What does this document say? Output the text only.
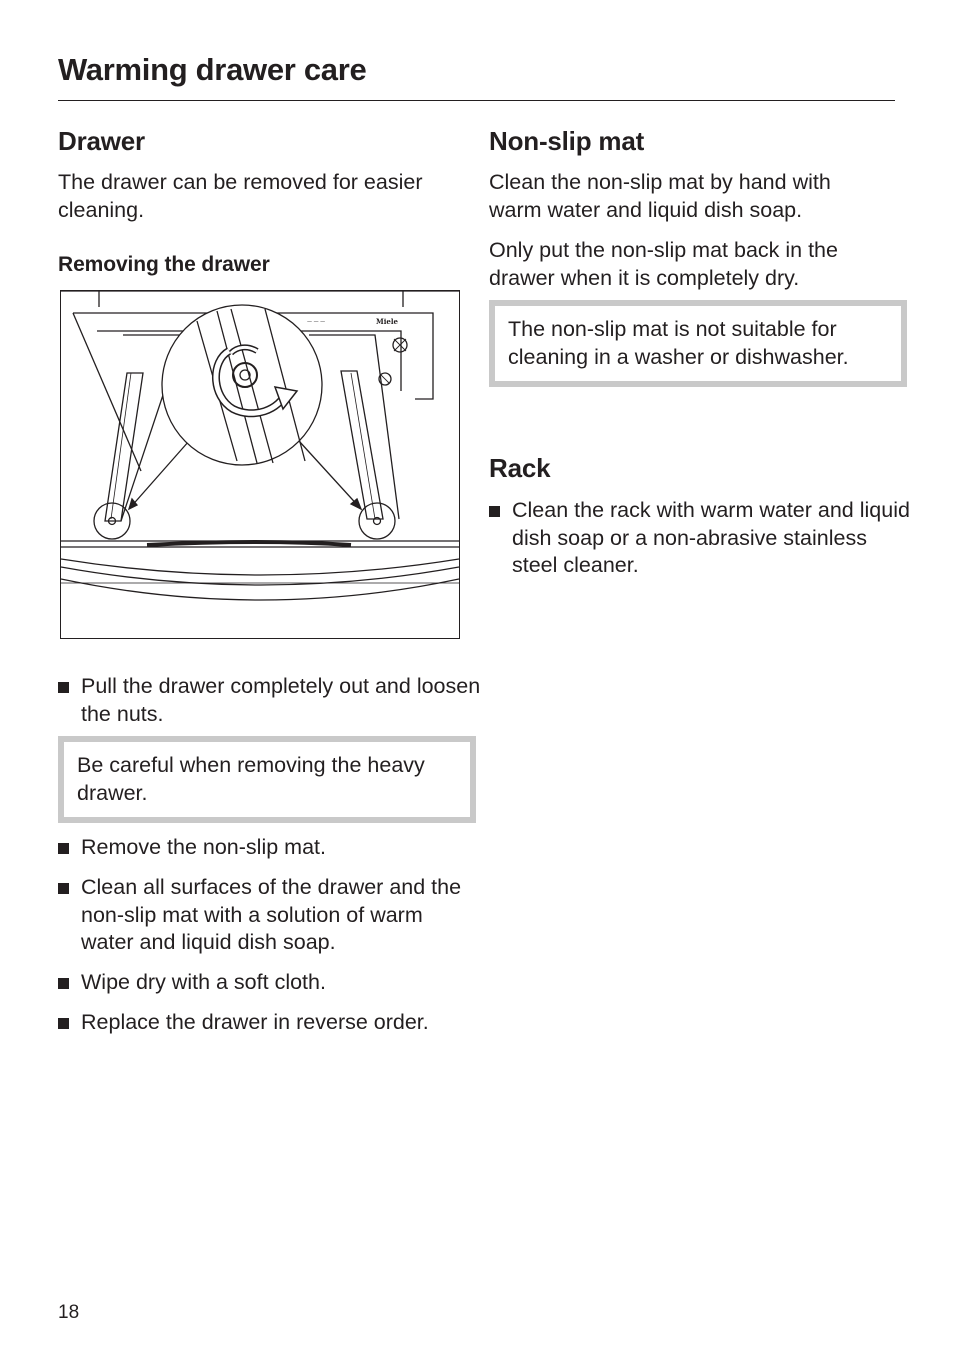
Warming drawer care
Drawer

The drawer can be removed for easier cleaning.

Removing the drawer
— — —	Miele
Pull the drawer completely out and loosen the nuts.
Be careful when removing the heavy drawer.
Remove the non-slip mat.
Clean all surfaces of the drawer and the non-slip mat with a solution of warm water and liquid dish soap.
Wipe dry with a soft cloth.
Replace the drawer in reverse order.
Non-slip mat

Clean the non-slip mat by hand with warm water and liquid dish soap.

Only put the non-slip mat back in the drawer when it is completely dry.

The non-slip mat is not suitable for cleaning in a washer or dishwasher.
Rack
Clean the rack with warm water and liquid dish soap or a non-abrasive stainless steel cleaner.
18
